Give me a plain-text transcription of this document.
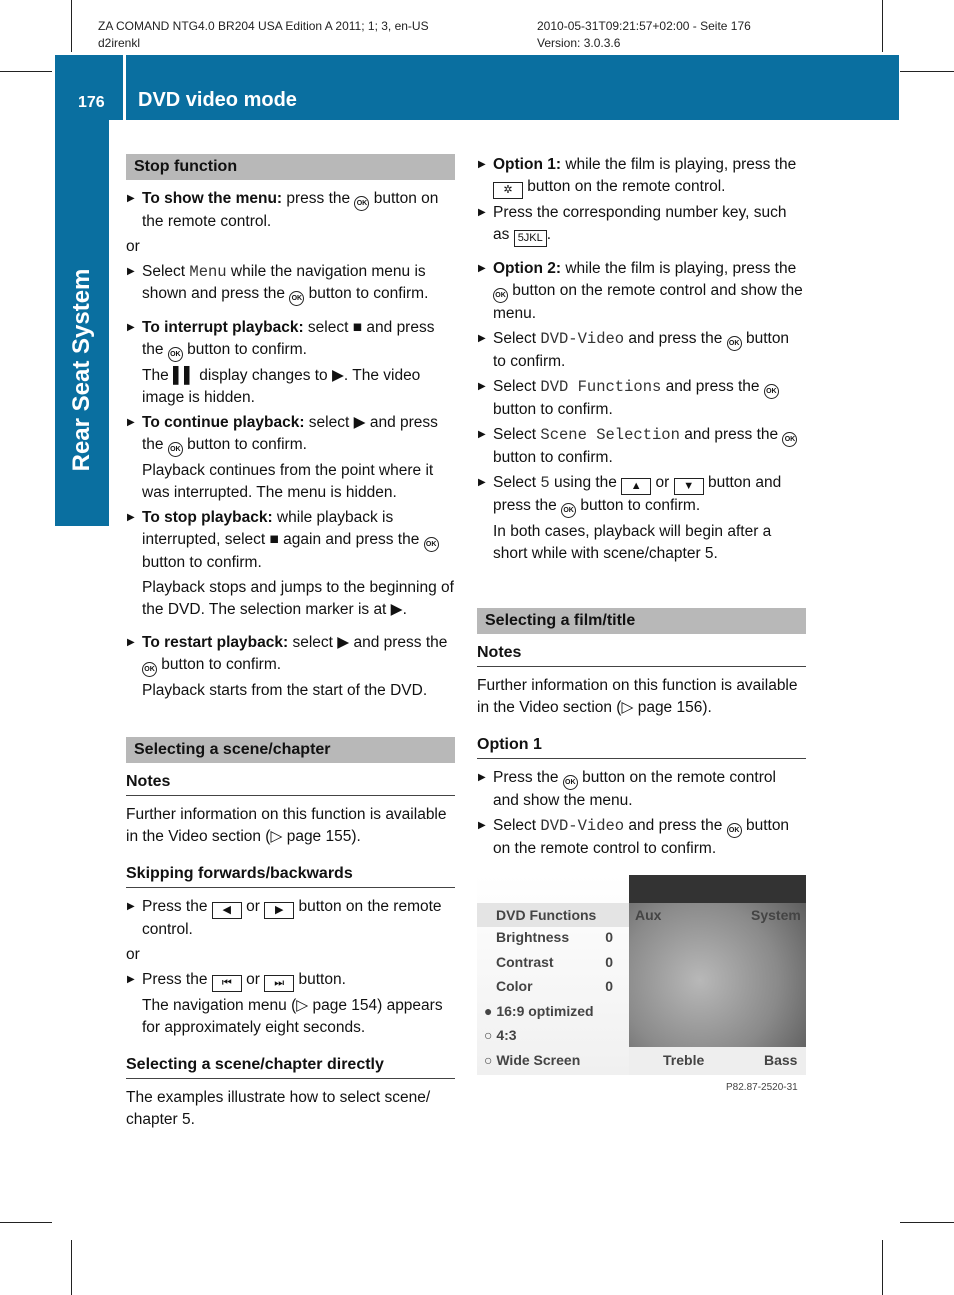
ZA COMAND NTG4.0 BR204 USA Edition A 2011; 1; 3, en-US
d2irenkl
2010-05-31T09:21:57+02:00 - Seite 176
Version: 3.0.3.6
176 DVD video mode
Rear Seat System
Stop function
▶ To show the menu: press the OK button on the remote control.
or
▶ Select Menu while the navigation menu is shown and press the OK button to confirm.
▶ To interrupt playback: select ■ and press the OK button to confirm.
The ▌▌ display changes to ▶. The video image is hidden.
▶ To continue playback: select ▶ and press the OK button to confirm.
Playback continues from the point where it was interrupted. The menu is hidden.
▶ To stop playback: while playback is interrupted, select ■ again and press the OK button to confirm.
Playback stops and jumps to the beginning of the DVD. The selection marker is at ▶.
▶ To restart playback: select ▶ and press the OK button to confirm.
Playback starts from the start of the DVD.
Selecting a scene/chapter
Notes
Further information on this function is available in the Video section (▷ page 155).
Skipping forwards/backwards
▶ Press the ◀ or ▶ button on the remote control.
or
▶ Press the ⏮ or ⏭ button.
The navigation menu (▷ page 154) appears for approximately eight seconds.
Selecting a scene/chapter directly
The examples illustrate how to select scene/ chapter 5.
▶ Option 1: while the film is playing, press the ✲ button on the remote control.
▶ Press the corresponding number key, such as 5JKL .
▶ Option 2: while the film is playing, press the OK button on the remote control and show the menu.
▶ Select DVD-Video and press the OK button to confirm.
▶ Select DVD Functions and press the OK button to confirm.
▶ Select Scene Selection and press the OK button to confirm.
▶ Select 5 using the ▲ or ▼ button and press the OK button to confirm.
In both cases, playback will begin after a short while with scene/chapter 5.
Selecting a film/title
Notes
Further information on this function is available in the Video section (▷ page 156).
Option 1
▶ Press the OK button on the remote control and show the menu.
▶ Select DVD-Video and press the OK button on the remote control to confirm.
DVD Functions	Aux	System
Brightness	0
Contrast	0
Color	0
● 16:9 optimized
○ 4:3
○ Wide Screen	Treble	Bass
P82.87-2520-31
